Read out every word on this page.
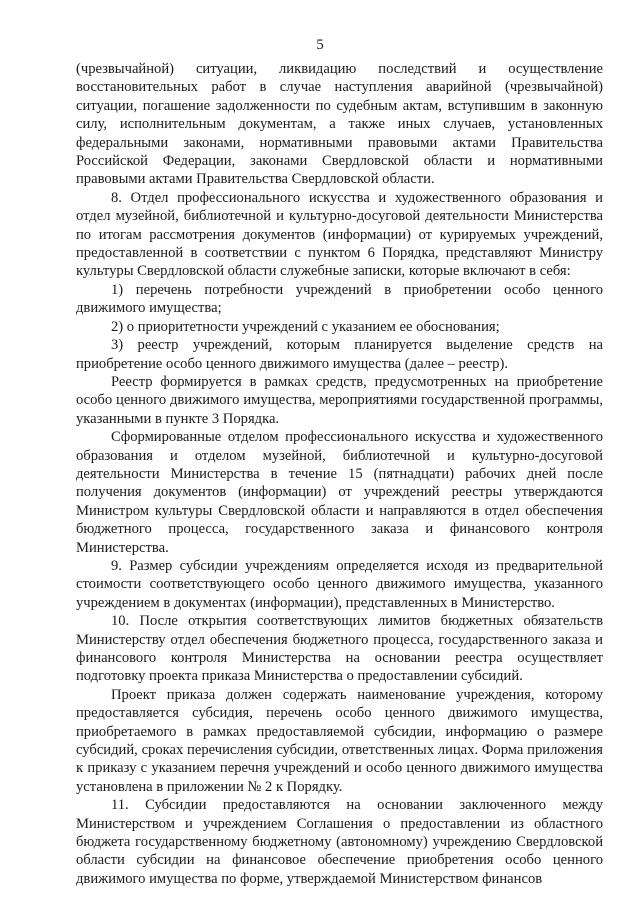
5

(чрезвычайной) ситуации, ликвидацию последствий и осуществление восстановительных работ в случае наступления аварийной (чрезвычайной) ситуации, погашение задолженности по судебным актам, вступившим в законную силу, исполнительным документам, а также иных случаев, установленных федеральными законами, нормативными правовыми актами Правительства Российской Федерации, законами Свердловской области и нормативными правовыми актами Правительства Свердловской области.

8. Отдел профессионального искусства и художественного образования и отдел музейной, библиотечной и культурно-досуговой деятельности Министерства по итогам рассмотрения документов (информации) от курируемых учреждений, предоставленной в соответствии с пунктом 6 Порядка, представляют Министру культуры Свердловской области служебные записки, которые включают в себя:

1) перечень потребности учреждений в приобретении особо ценного движимого имущества;

2) о приоритетности учреждений с указанием ее обоснования;

3) реестр учреждений, которым планируется выделение средств на приобретение особо ценного движимого имущества (далее – реестр).

Реестр формируется в рамках средств, предусмотренных на приобретение особо ценного движимого имущества, мероприятиями государственной программы, указанными в пункте 3 Порядка.

Сформированные отделом профессионального искусства и художественного образования и отделом музейной, библиотечной и культурно-досуговой деятельности Министерства в течение 15 (пятнадцати) рабочих дней после получения документов (информации) от учреждений реестры утверждаются Министром культуры Свердловской области и направляются в отдел обеспечения бюджетного процесса, государственного заказа и финансового контроля Министерства.

9. Размер субсидии учреждениям определяется исходя из предварительной стоимости соответствующего особо ценного движимого имущества, указанного учреждением в документах (информации), представленных в Министерство.

10. После открытия соответствующих лимитов бюджетных обязательств Министерству отдел обеспечения бюджетного процесса, государственного заказа и финансового контроля Министерства на основании реестра осуществляет подготовку проекта приказа Министерства о предоставлении субсидий.

Проект приказа должен содержать наименование учреждения, которому предоставляется субсидия, перечень особо ценного движимого имущества, приобретаемого в рамках предоставляемой субсидии, информацию о размере субсидий, сроках перечисления субсидии, ответственных лицах. Форма приложения к приказу с указанием перечня учреждений и особо ценного движимого имущества установлена в приложении № 2 к Порядку.

11. Субсидии предоставляются на основании заключенного между Министерством и учреждением Соглашения о предоставлении из областного бюджета государственному бюджетному (автономному) учреждению Свердловской области субсидии на финансовое обеспечение приобретения особо ценного движимого имущества по форме, утверждаемой Министерством финансов
